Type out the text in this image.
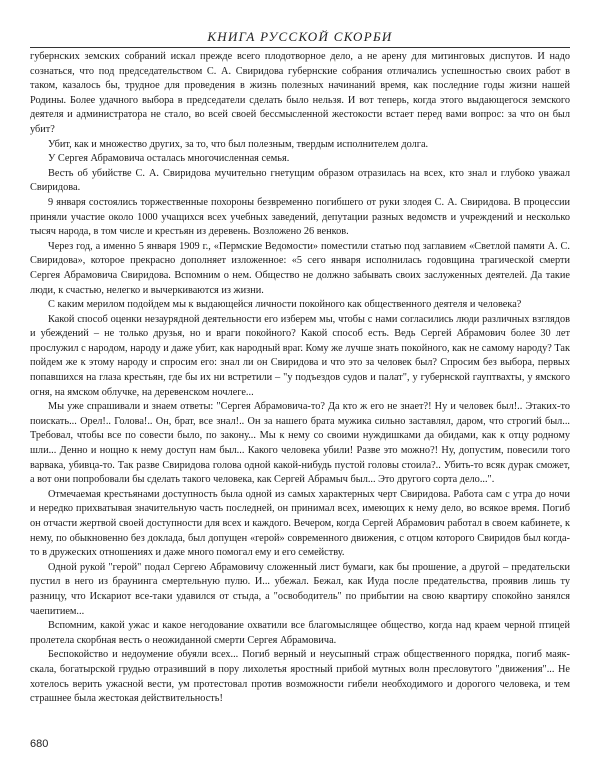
КНИГА РУССКОЙ СКОРБИ

губернских земских собраний искал прежде всего плодотворное дело, а не арену для митинговых диспутов. И надо сознаться, что под председательством С. А. Свиридова губернские собрания отличались успешностью своих работ в таком, казалось бы, трудное для проведения в жизнь полезных начинаний время, как последние годы жизни нашей Родины. Более удачного выбора в председатели сделать было нельзя. И вот теперь, когда этого выдающегося земского деятеля и администратора не стало, во всей своей бессмысленной жестокости встает перед вами вопрос: за что он был убит?

Убит, как и множество других, за то, что был полезным, твердым исполнителем долга.

У Сергея Абрамовича осталась многочисленная семья.

Весть об убийстве С. А. Свиридова мучительно гнетущим образом отразилась на всех, кто знал и глубоко уважал Свиридова.

9 января состоялись торжественные похороны безвременно погибшего от руки злодея С. А. Свиридова. В процессии приняли участие около 1000 учащихся всех учебных заведений, депутации разных ведомств и учреждений и несколько тысяч народа, в том числе и крестьян из деревень. Возложено 26 венков.

Через год, а именно 5 января 1909 г., «Пермские Ведомости» поместили статью под заглавием «Светлой памяти А. С. Свиридова», которое прекрасно дополняет изложенное: «5 сего января исполнилась годовщина трагической смерти Сергея Абрамовича Свиридова. Вспомним о нем. Общество не должно забывать своих заслуженных деятелей. Да такие люди, к счастью, нелегко и вычеркиваются из жизни.

С каким мерилом подойдем мы к выдающейся личности покойного как общественного деятеля и человека?

Какой способ оценки незаурядной деятельности его изберем мы, чтобы с нами согласились люди различных взглядов и убеждений – не только друзья, но и враги покойного? Какой способ есть. Ведь Сергей Абрамович более 30 лет прослужил с народом, народу и даже убит, как народный враг. Кому же лучше знать покойного, как не самому народу? Так пойдем же к этому народу и спросим его: знал ли он Свиридова и что это за человек был? Спросим без выбора, первых попавшихся на глаза крестьян, где бы их ни встретили – "у подъездов судов и палат", у губернской гауптвахты, у ямского огня, на ямском облучке, на деревенском ночлеге...

Мы уже спрашивали и знаем ответы: "Сергея Абрамовича-то? Да кто ж его не знает?! Ну и человек был!.. Этаких-то поискать... Орел!.. Голова!.. Он, брат, все знал!.. Он за нашего брата мужика сильно заставлял, даром, что строгий был... Требовал, чтобы все по совести было, по закону... Мы к нему со своими нуждишками да обидами, как к отцу родному шли... Денно и нощно к нему доступ нам был... Какого человека убили! Разве это можно?! Ну, допустим, повесили того варвака, убивца-то. Так разве Свиридова голова одной какой-нибудь пустой головы стоила?.. Убить-то всяк дурак сможет, а вот они попробовали бы сделать такого человека, как Сергей Абрамыч был... Это другого сорта дело...".

Отмечаемая крестьянами доступность была одной из самых характерных черт Свиридова. Работа сам с утра до ночи и нередко прихватывая значительную часть последней, он принимал всех, имеющих к нему дело, во всякое время. Погиб он отчасти жертвой своей доступности для всех и каждого. Вечером, когда Сергей Абрамович работал в своем кабинете, к нему, по обыкновенно без доклада, был допущен «герой» современного движения, с отцом которого Свиридов был когда-то в дружеских отношениях и даже много помогал ему и его семейству.

Одной рукой "герой" подал Сергею Абрамовичу сложенный лист бумаги, как бы прошение, а другой – предательски пустил в него из браунинга смертельную пулю. И... убежал. Бежал, как Иуда после предательства, проявив лишь ту разницу, что Искариот все-таки удавился от стыда, а "освободитель" по прибытии на свою квартиру спокойно занялся чаепитием...

Вспомним, какой ужас и какое негодование охватили все благомыслящее общество, когда над краем черной птицей пролетела скорбная весть о неожиданной смерти Сергея Абрамовича.

Беспокойство и недоумение обуяли всех... Погиб верный и неусыпный страж общественного порядка, погиб маяк-скала, богатырской грудью отразивший в пору лихолетья яростный прибой мутных волн пресловутого "движения"... Не хотелось верить ужасной вести, ум протестовал против возможности гибели необходимого и дорогого человека, и тем страшнее была жестокая действительность!

680
